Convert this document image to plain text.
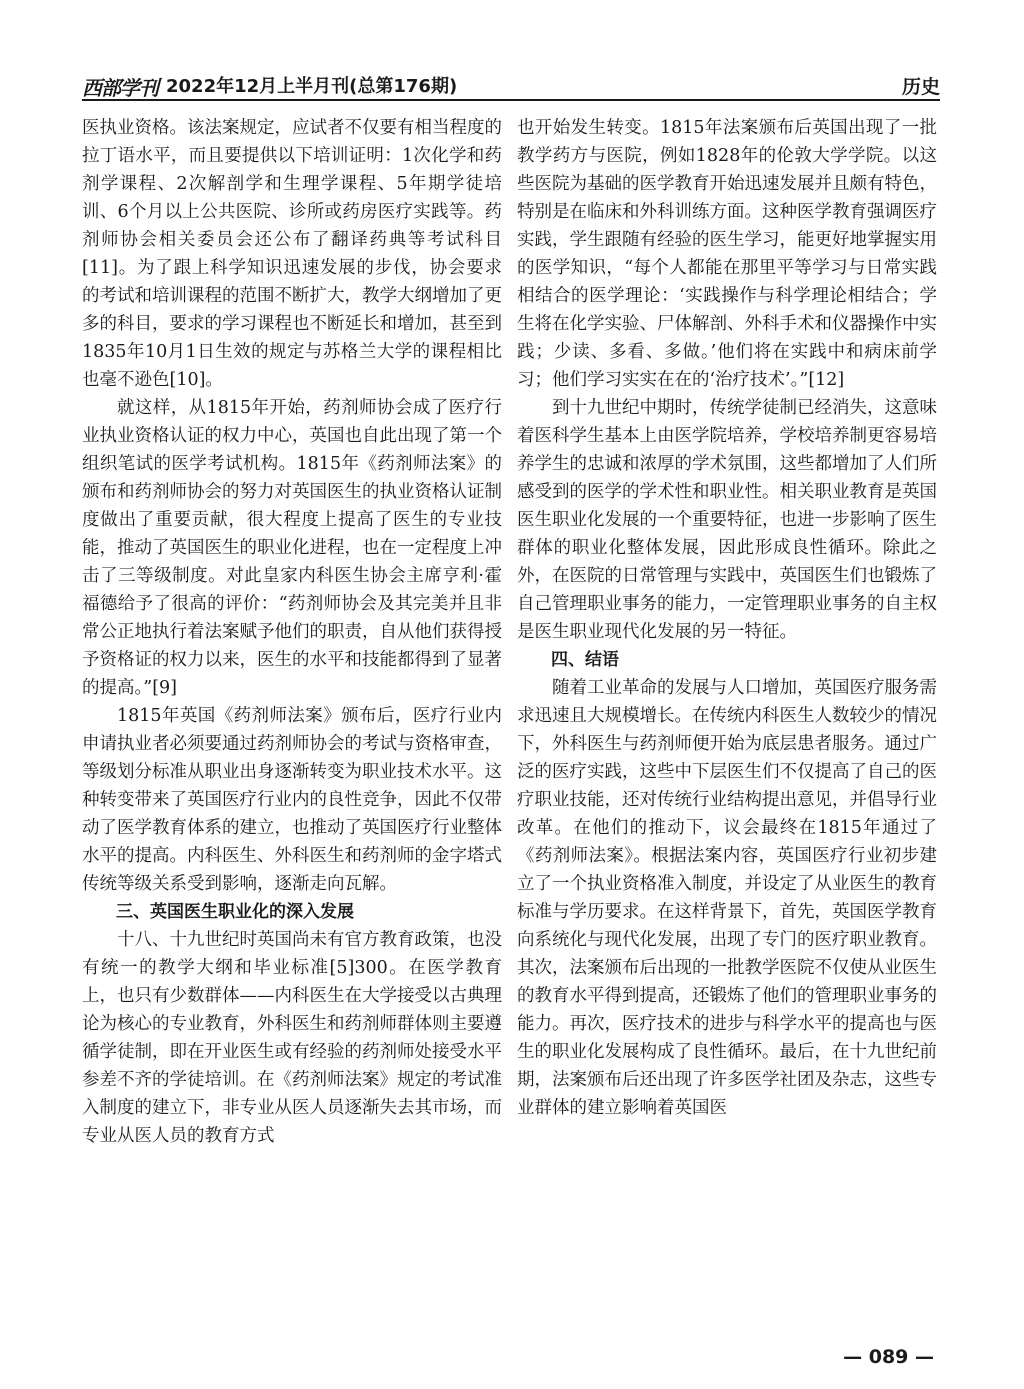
西部学刊 2022年12月上半月刊(总第176期)	历史

医执业资格。该法案规定，应试者不仅要有相当程度的拉丁语水平，而且要提供以下培训证明：1次化学和药剂学课程、2次解剖学和生理学课程、5年期学徒培训、6个月以上公共医院、诊所或药房医疗实践等。药剂师协会相关委员会还公布了翻译药典等考试科目[11]。为了跟上科学知识迅速发展的步伐，协会要求的考试和培训课程的范围不断扩大，教学大纲增加了更多的科目，要求的学习课程也不断延长和增加，甚至到1835年10月1日生效的规定与苏格兰大学的课程相比也毫不逊色[10]。

就这样，从1815年开始，药剂师协会成了医疗行业执业资格认证的权力中心，英国也自此出现了第一个组织笔试的医学考试机构。1815年《药剂师法案》的颁布和药剂师协会的努力对英国医生的执业资格认证制度做出了重要贡献，很大程度上提高了医生的专业技能，推动了英国医生的职业化进程，也在一定程度上冲击了三等级制度。对此皇家内科医生协会主席亨利·霍福德给予了很高的评价：“药剂师协会及其完美并且非常公正地执行着法案赋予他们的职责，自从他们获得授予资格证的权力以来，医生的水平和技能都得到了显著的提高。”[9]

1815年英国《药剂师法案》颁布后，医疗行业内申请执业者必须要通过药剂师协会的考试与资格审查，等级划分标准从职业出身逐渐转变为职业技术水平。这种转变带来了英国医疗行业内的良性竞争，因此不仅带动了医学教育体系的建立，也推动了英国医疗行业整体水平的提高。内科医生、外科医生和药剂师的金字塔式传统等级关系受到影响，逐渐走向瓦解。

三、英国医生职业化的深入发展

十八、十九世纪时英国尚未有官方教育政策，也没有统一的教学大纲和毕业标准[5]300。在医学教育上，也只有少数群体——内科医生在大学接受以古典理论为核心的专业教育，外科医生和药剂师群体则主要遵循学徒制，即在开业医生或有经验的药剂师处接受水平参差不齐的学徒培训。在《药剂师法案》规定的考试准入制度的建立下，非专业从医人员逐渐失去其市场，而专业从医人员的教育方式

也开始发生转变。1815年法案颁布后英国出现了一批教学药方与医院，例如1828年的伦敦大学学院。以这些医院为基础的医学教育开始迅速发展并且颇有特色，特别是在临床和外科训练方面。这种医学教育强调医疗实践，学生跟随有经验的医生学习，能更好地掌握实用的医学知识，“每个人都能在那里平等学习与日常实践相结合的医学理论：‘实践操作与科学理论相结合；学生将在化学实验、尸体解剖、外科手术和仪器操作中实践；少读、多看、多做。’他们将在实践中和病床前学习；他们学习实实在在的‘治疗技术’。”[12]

到十九世纪中期时，传统学徒制已经消失，这意味着医科学生基本上由医学院培养，学校培养制更容易培养学生的忠诚和浓厚的学术氛围，这些都增加了人们所感受到的医学的学术性和职业性。相关职业教育是英国医生职业化发展的一个重要特征，也进一步影响了医生群体的职业化整体发展，因此形成良性循环。除此之外，在医院的日常管理与实践中，英国医生们也锻炼了自己管理职业事务的能力，一定管理职业事务的自主权是医生职业现代化发展的另一特征。

四、结语

随着工业革命的发展与人口增加，英国医疗服务需求迅速且大规模增长。在传统内科医生人数较少的情况下，外科医生与药剂师便开始为底层患者服务。通过广泛的医疗实践，这些中下层医生们不仅提高了自己的医疗职业技能，还对传统行业结构提出意见，并倡导行业改革。在他们的推动下，议会最终在1815年通过了《药剂师法案》。根据法案内容，英国医疗行业初步建立了一个执业资格准入制度，并设定了从业医生的教育标准与学历要求。在这样背景下，首先，英国医学教育向系统化与现代化发展，出现了专门的医疗职业教育。其次，法案颁布后出现的一批教学医院不仅使从业医生的教育水平得到提高，还锻炼了他们的管理职业事务的能力。再次，医疗技术的进步与科学水平的提高也与医生的职业化发展构成了良性循环。最后，在十九世纪前期，法案颁布后还出现了许多医学社团及杂志，这些专业群体的建立影响着英国医

— 089 —
